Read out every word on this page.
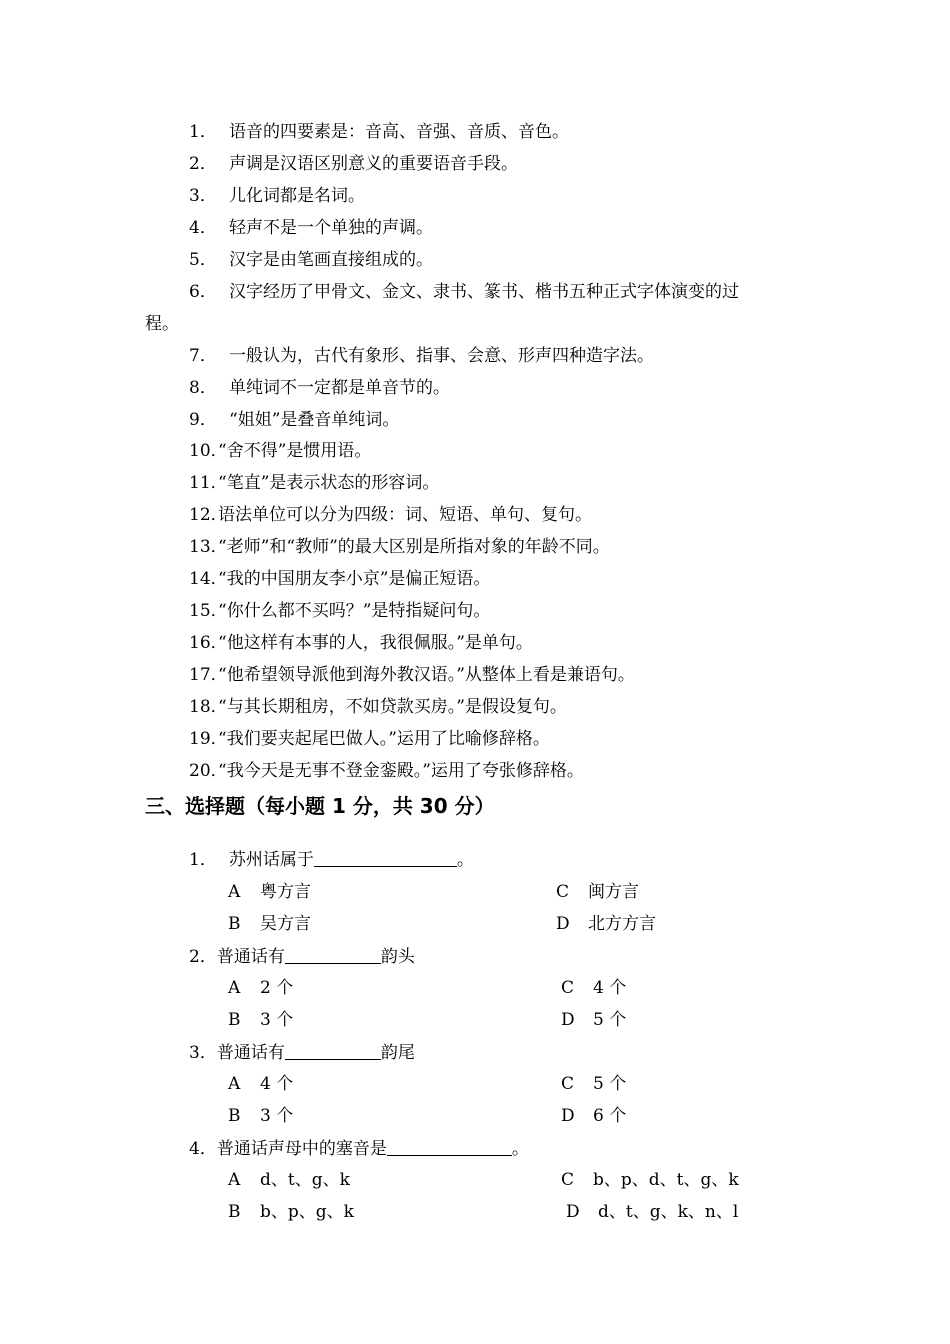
1． 语音的四要素是：音高、音强、音质、音色。
2． 声调是汉语区别意义的重要语音手段。
3． 儿化词都是名词。
4． 轻声不是一个单独的声调。
5． 汉字是由笔画直接组成的。
6． 汉字经历了甲骨文、金文、隶书、篆书、楷书五种正式字体演变的过
程。
7． 一般认为，古代有象形、指事、会意、形声四种造字法。
8． 单纯词不一定都是单音节的。
9． “姐姐”是叠音单纯词。
10．
“舍不得”是惯用语。
11．
“笔直”是表示状态的形容词。
12．
语法单位可以分为四级：词、短语、单句、复句。
13．
“老师”和“教师”的最大区别是所指对象的年龄不同。
14．
“我的中国朋友李小京”是偏正短语。
15．
“你什么都不买吗？”是特指疑问句。
16．
“他这样有本事的人，我很佩服。”是单句。
17．
“他希望领导派他到海外教汉语。”从整体上看是兼语句。
18．
“与其长期租房，不如贷款买房。”是假设复句。
19．
“我们要夹起尾巴做人。”运用了比喻修辞格。
20．
“我今天是无事不登金銮殿。”运用了夸张修辞格。
三、选择题（每小题 1 分，共 30 分）
1． 苏州话属于	。
A 粤方言	C 闽方言
B 吴方言	D 北方方言
2．普通话有	韵头
A 2 个	C 4 个
B 3 个	D 5 个
3．普通话有	韵尾
A 4 个	C 5 个
B 3 个	D 6 个
4．普通话声母中的塞音是	。
A d、t、g、k	C b、p、d、t、g、k
B b、p、g、k	D d、t、g、k、n、l
